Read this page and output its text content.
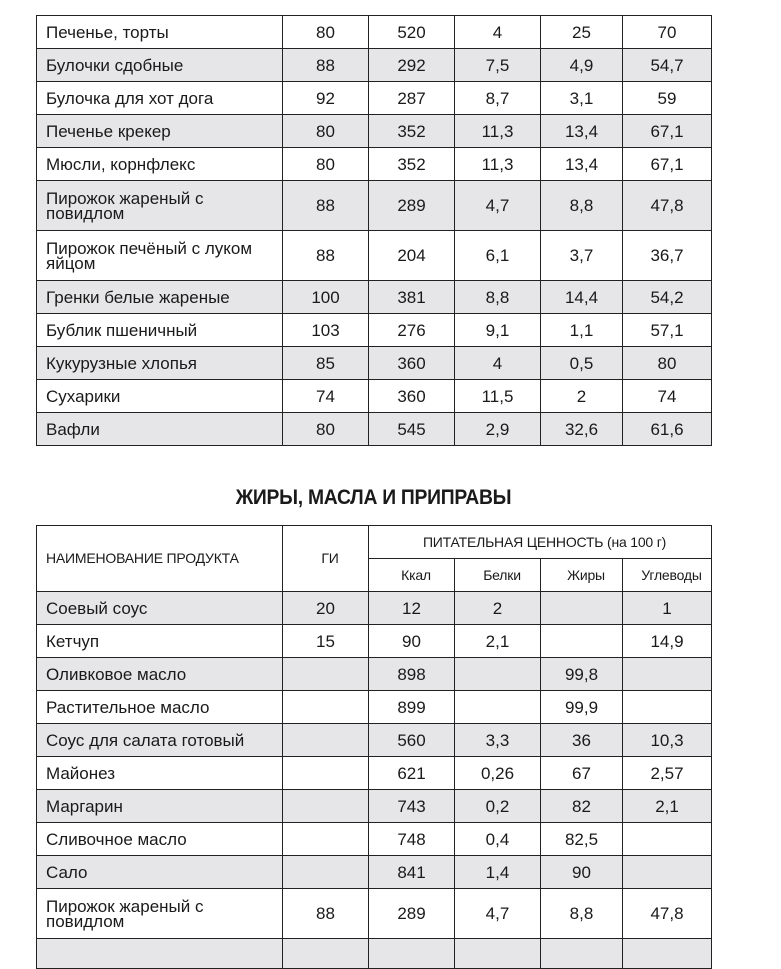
Печенье, торты	80	520	4	25	70
Булочки сдобные	88	292	7,5	4,9	54,7
Булочка для хот дога	92	287	8,7	3,1	59
Печенье крекер	80	352	11,3	13,4	67,1
Мюсли, корнфлекс	80	352	11,3	13,4	67,1
Пирожок жареный с повидлом	88	289	4,7	8,8	47,8
Пирожок печёный с луком яйцом	88	204	6,1	3,7	36,7
Гренки белые жареные	100	381	8,8	14,4	54,2
Бублик пшеничный	103	276	9,1	1,1	57,1
Кукурузные хлопья	85	360	4	0,5	80
Сухарики	74	360	11,5	2	74
Вафли	80	545	2,9	32,6	61,6
ЖИРЫ, МАСЛА И ПРИПРАВЫ
НАИМЕНОВАНИЕ ПРОДУКТА	ГИ	ПИТАТЕЛЬНАЯ ЦЕННОСТЬ (на 100 г)			
		Ккал	Белки	Жиры	Углеводы
Соевый соус	20	12	2		1
Кетчуп	15	90	2,1		14,9
Оливковое масло		898		99,8	
Растительное масло		899		99,9	
Соус для салата готовый		560	3,3	36	10,3
Майонез		621	0,26	67	2,57
Маргарин		743	0,2	82	2,1
Сливочное масло		748	0,4	82,5	
Сало		841	1,4	90	
Пирожок жареный с повидлом	88	289	4,7	8,8	47,8
